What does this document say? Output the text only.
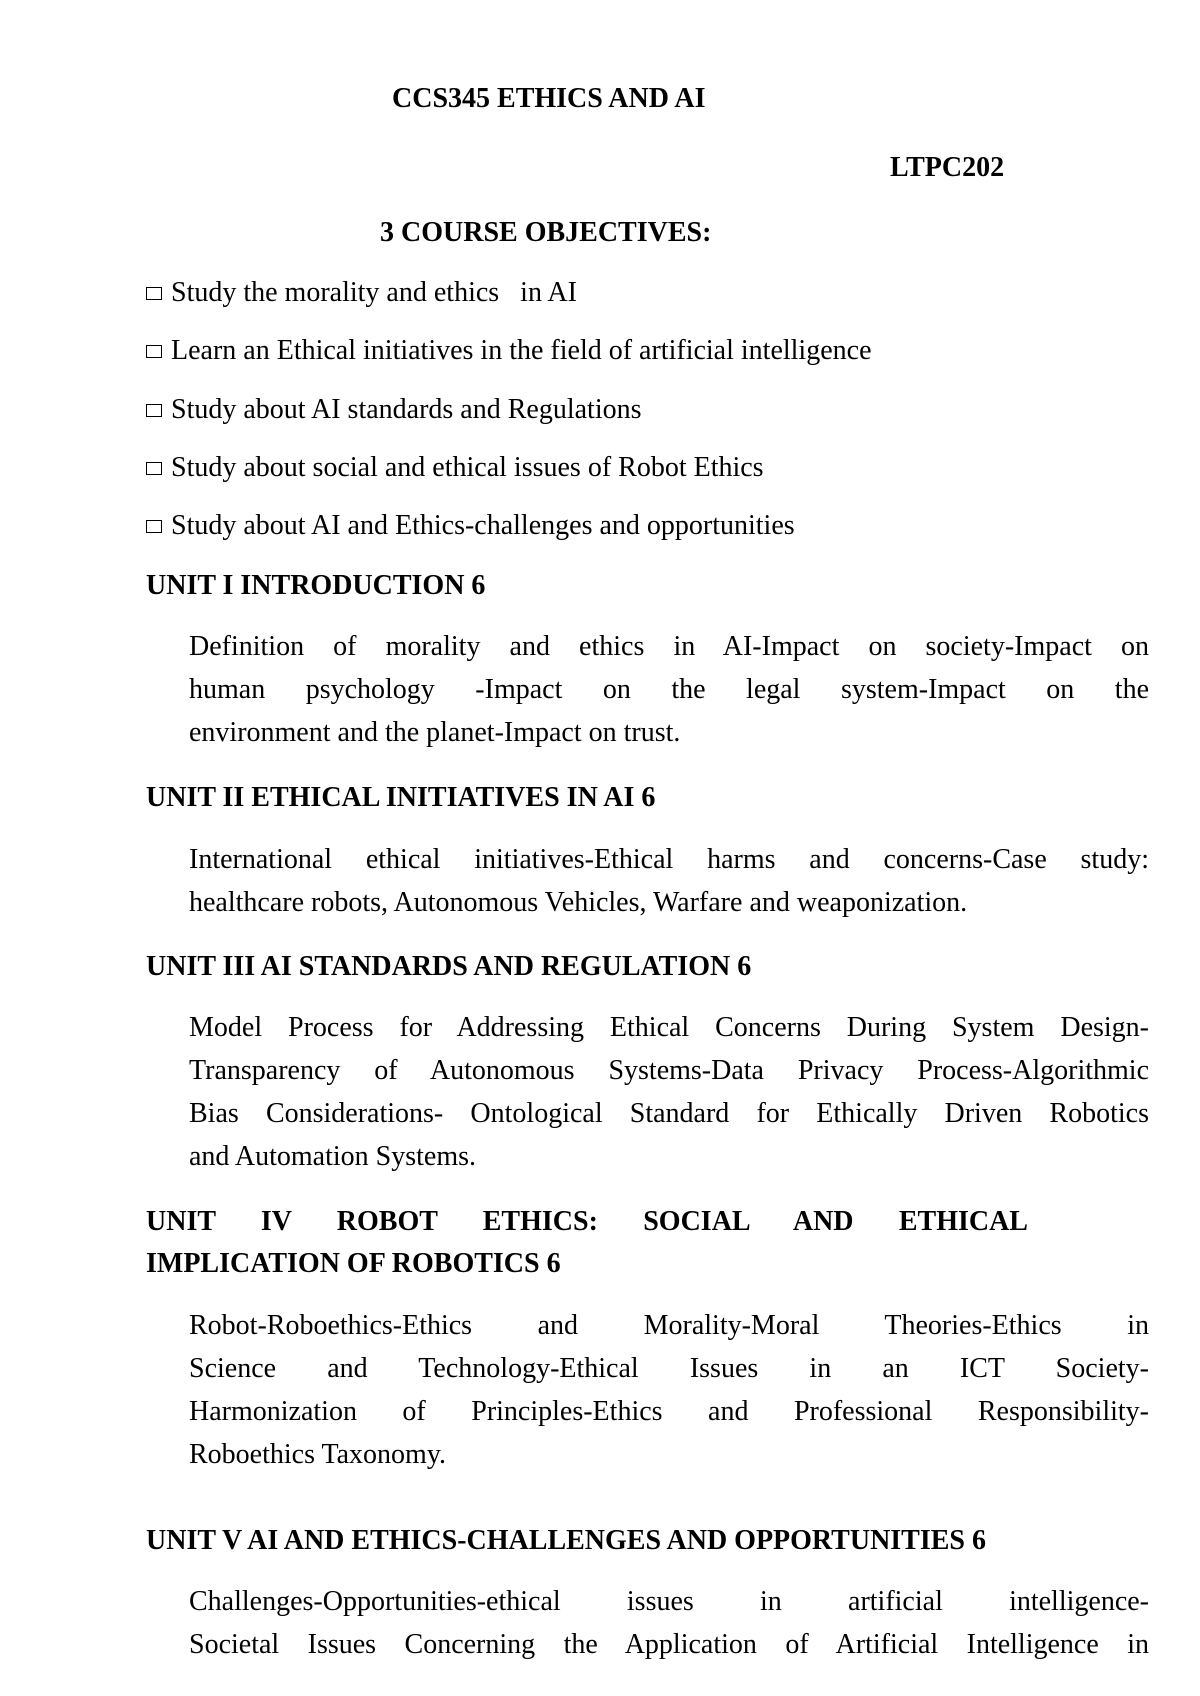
CCS345 ETHICS AND AI
LTPC202
3 COURSE OBJECTIVES:
Study the morality and ethics   in AI
Learn an Ethical initiatives in the field of artificial intelligence
Study about AI standards and Regulations
Study about social and ethical issues of Robot Ethics
Study about AI and Ethics-challenges and opportunities
UNIT I INTRODUCTION 6
Definition of morality and ethics in AI-Impact on society-Impact on
human psychology -Impact on the legal system-Impact on the
environment and the planet-Impact on trust.
UNIT II ETHICAL INITIATIVES IN AI 6
International ethical initiatives-Ethical harms and concerns-Case study:
healthcare robots, Autonomous Vehicles, Warfare and weaponization.
UNIT III AI STANDARDS AND REGULATION 6
Model Process for Addressing Ethical Concerns During System Design-
Transparency of Autonomous Systems-Data Privacy Process-Algorithmic
Bias Considerations- Ontological Standard for Ethically Driven Robotics
and Automation Systems.
UNIT IV ROBOT ETHICS: SOCIAL AND ETHICAL
IMPLICATION OF ROBOTICS 6
Robot-Roboethics-Ethics and Morality-Moral Theories-Ethics in
Science and Technology-Ethical Issues in an ICT Society-
Harmonization of Principles-Ethics and Professional Responsibility-
Roboethics Taxonomy.
UNIT V AI AND ETHICS-CHALLENGES AND OPPORTUNITIES 6
Challenges-Opportunities-ethical issues in artificial intelligence-
Societal Issues Concerning the Application of Artificial Intelligence in
